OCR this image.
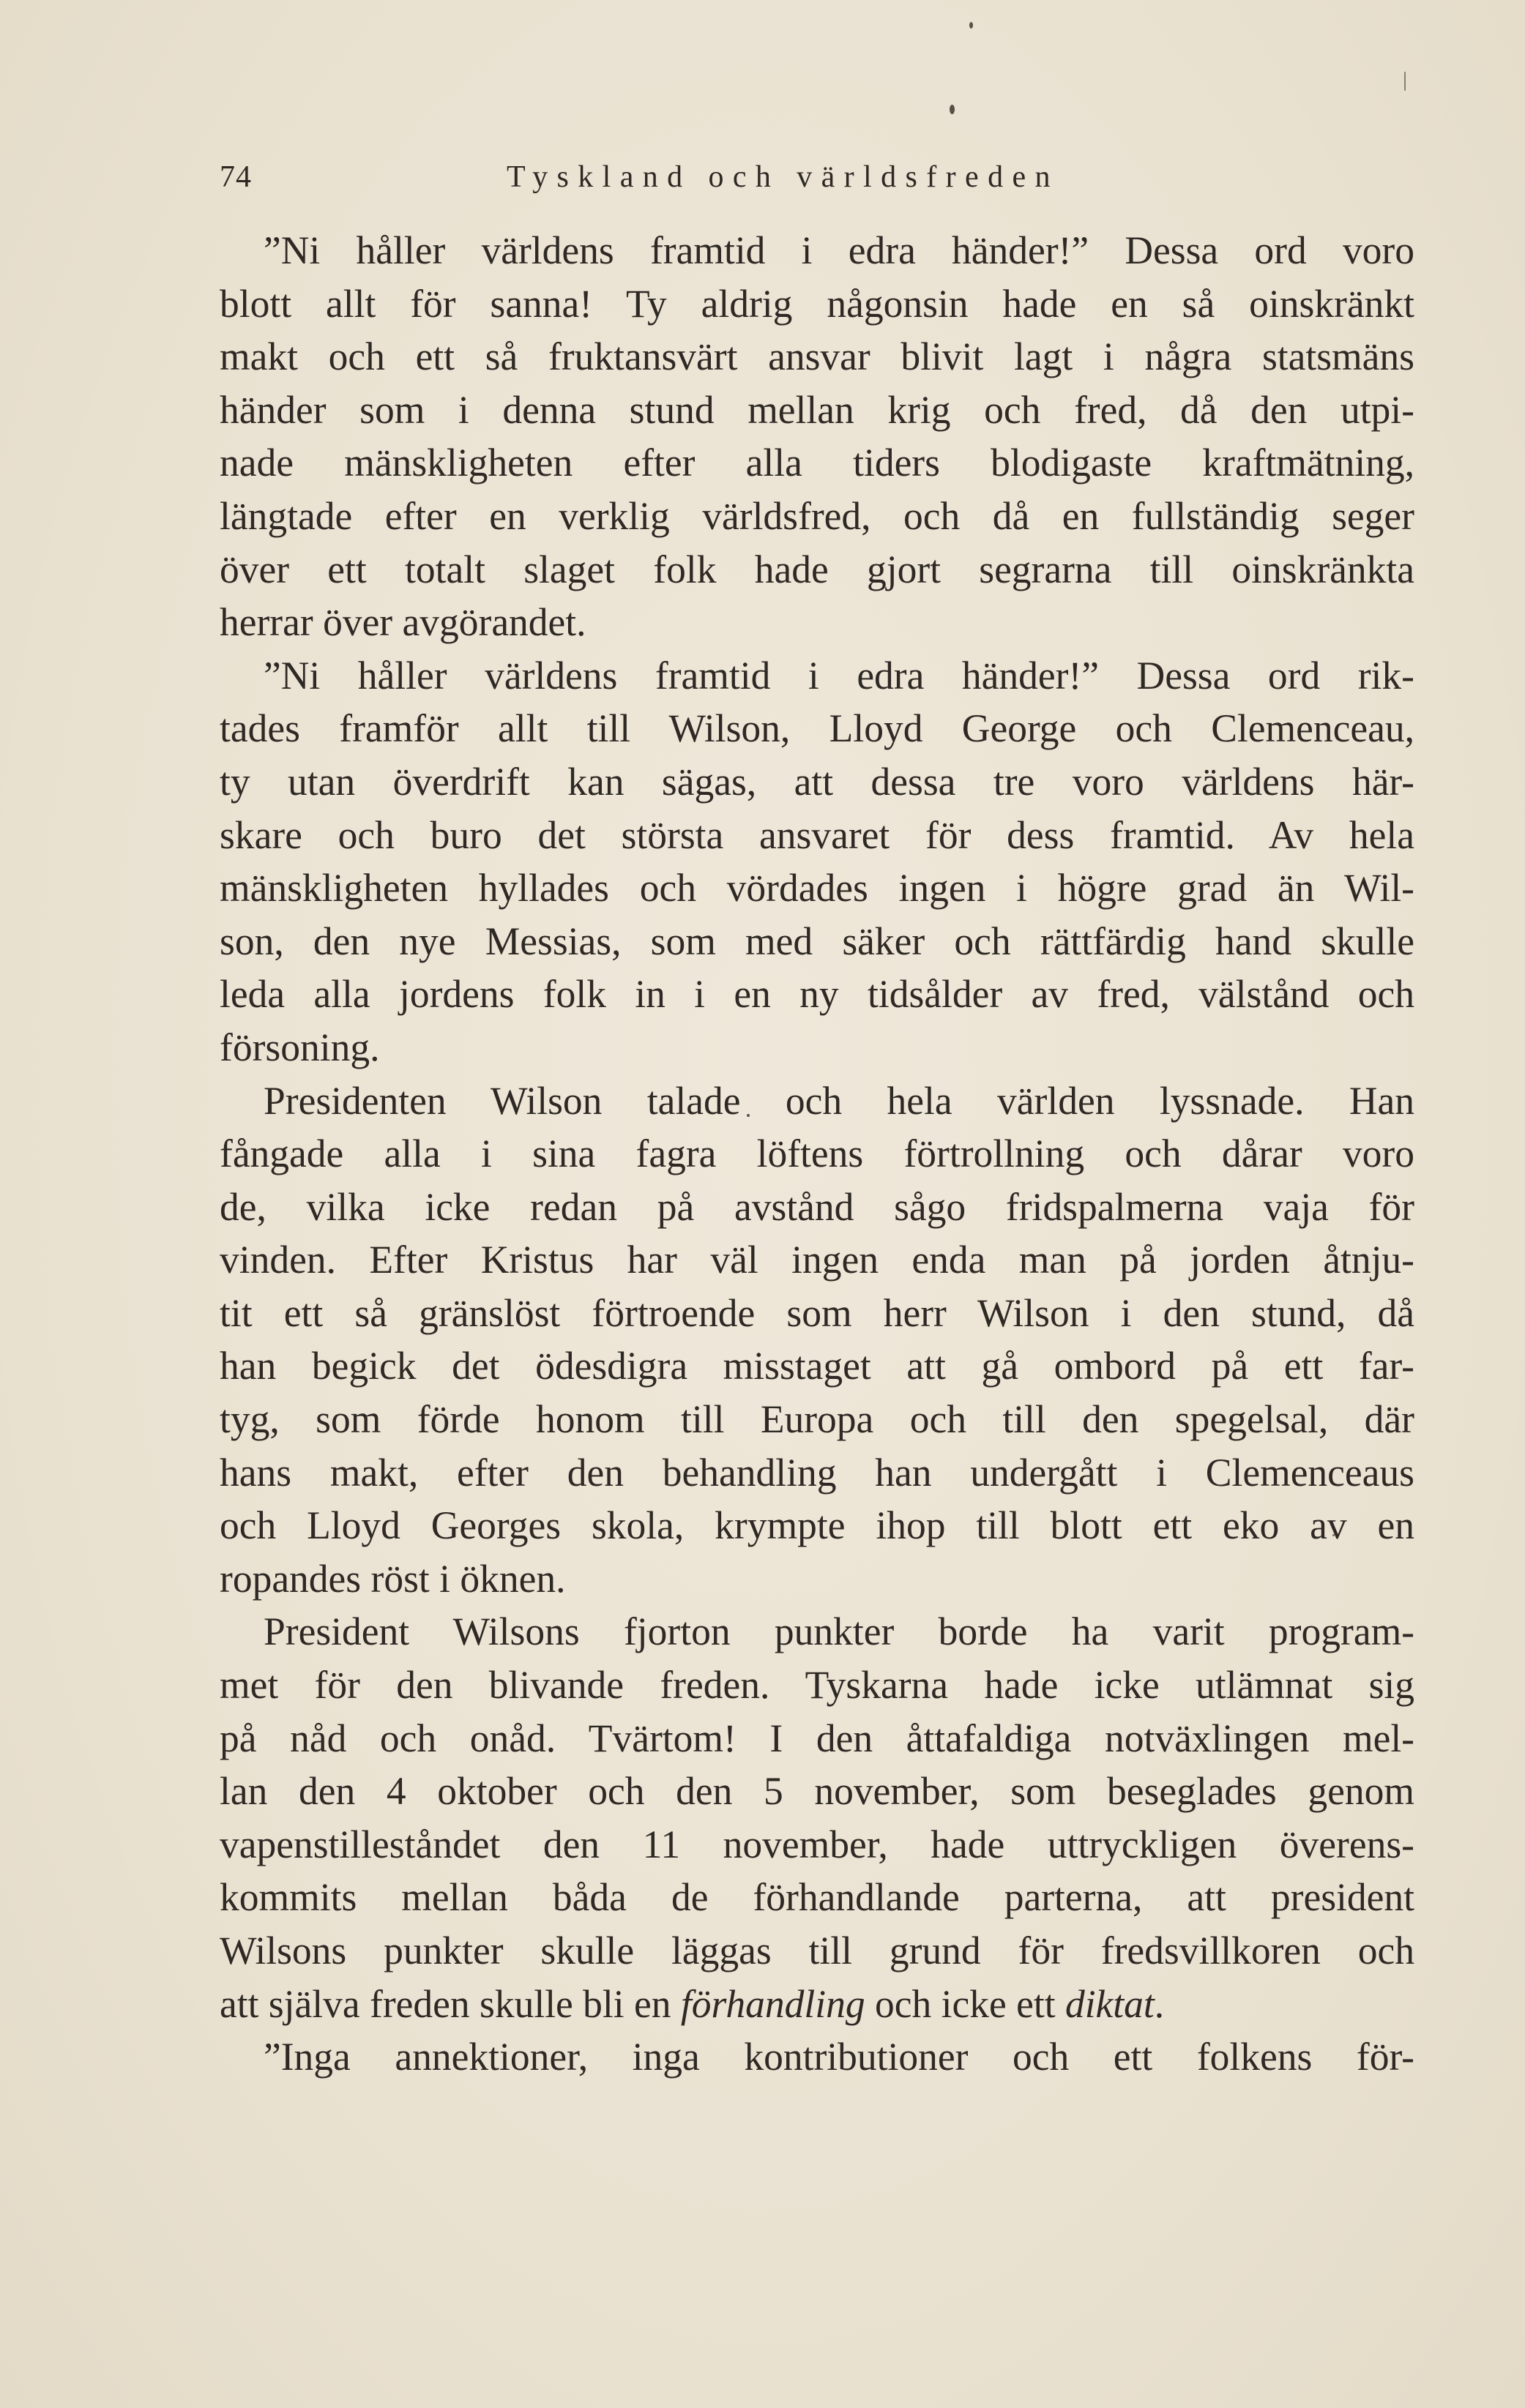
74	Tyskland och världsfreden
”Ni håller världens framtid i edra händer!” Dessa ord voro
blott allt för sanna! Ty aldrig någonsin hade en så oinskränkt
makt och ett så fruktansvärt ansvar blivit lagt i några statsmäns
händer som i denna stund mellan krig och fred, då den utpi-
nade mänskligheten efter alla tiders blodigaste kraftmätning,
längtade efter en verklig världsfred, och då en fullständig seger
över ett totalt slaget folk hade gjort segrarna till oinskränkta
herrar över avgörandet.
”Ni håller världens framtid i edra händer!” Dessa ord rik-
tades framför allt till Wilson, Lloyd George och Clemenceau,
ty utan överdrift kan sägas, att dessa tre voro världens här-
skare och buro det största ansvaret för dess framtid. Av hela
mänskligheten hyllades och vördades ingen i högre grad än Wil-
son, den nye Messias, som med säker och rättfärdig hand skulle
leda alla jordens folk in i en ny tidsålder av fred, välstånd och
försoning.
Presidenten Wilson talade och hela världen lyssnade. Han
fångade alla i sina fagra löftens förtrollning och dårar voro
de, vilka icke redan på avstånd sågo fridspalmerna vaja för
vinden. Efter Kristus har väl ingen enda man på jorden åtnju-
tit ett så gränslöst förtroende som herr Wilson i den stund, då
han begick det ödesdigra misstaget att gå ombord på ett far-
tyg, som förde honom till Europa och till den spegelsal, där
hans makt, efter den behandling han undergått i Clemenceaus
och Lloyd Georges skola, krympte ihop till blott ett eko av en
ropandes röst i öknen.
President Wilsons fjorton punkter borde ha varit program-
met för den blivande freden. Tyskarna hade icke utlämnat sig
på nåd och onåd. Tvärtom! I den åttafaldiga notväxlingen mel-
lan den 4 oktober och den 5 november, som beseglades genom
vapenstilleståndet den 11 november, hade uttryckligen överens-
kommits mellan båda de förhandlande parterna, att president
Wilsons punkter skulle läggas till grund för fredsvillkoren och
att själva freden skulle bli en förhandling och icke ett diktat.
”Inga annektioner, inga kontributioner och ett folkens för-
